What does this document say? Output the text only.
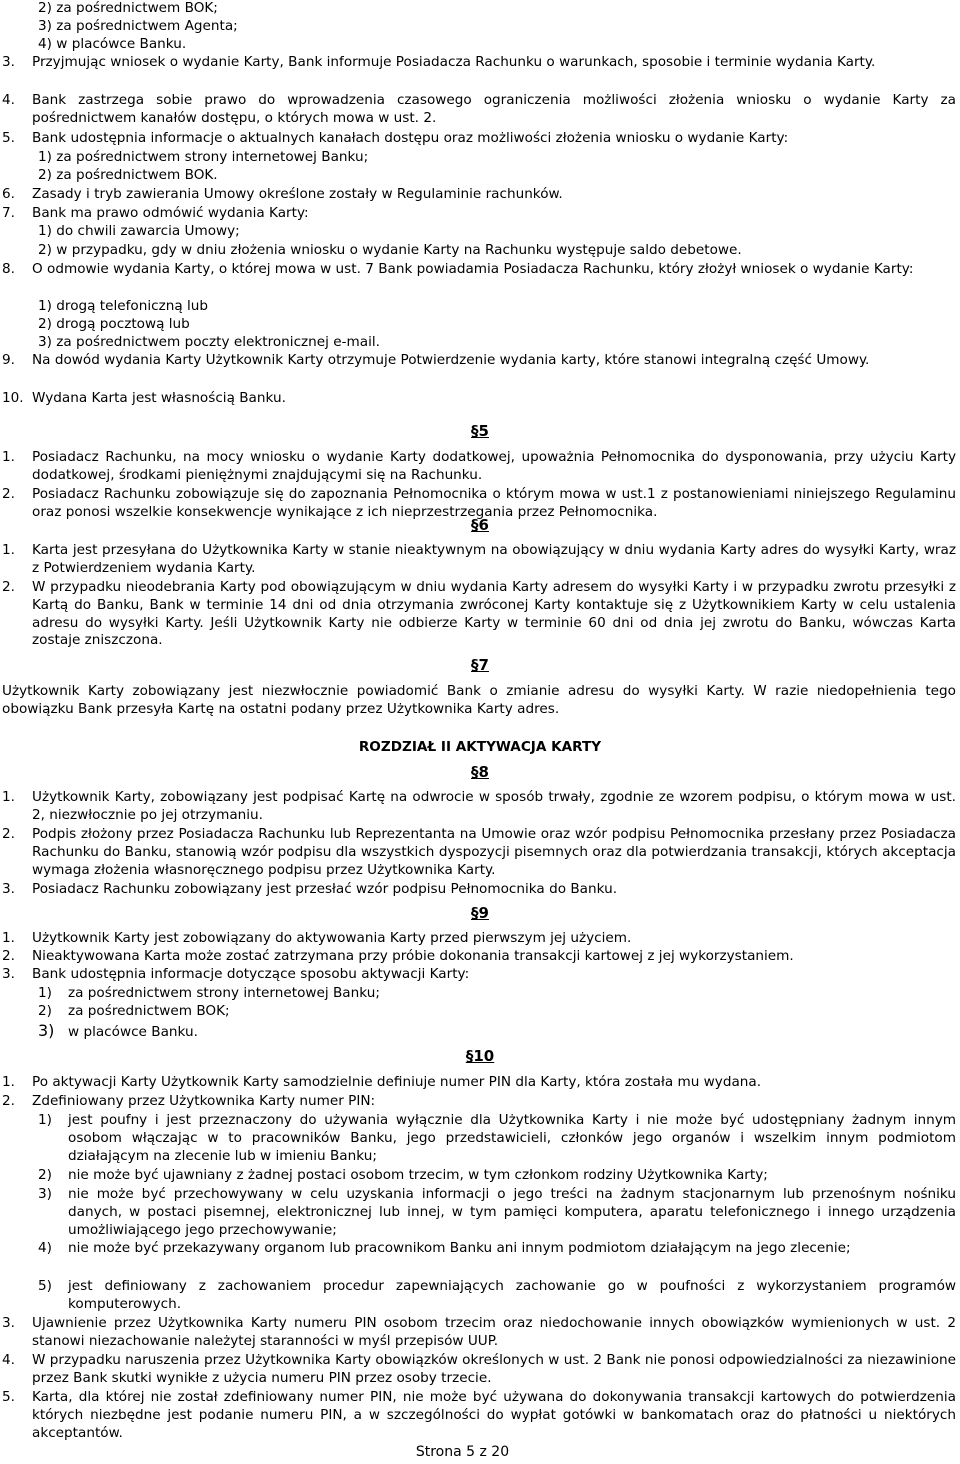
2) za pośrednictwem BOK;
3) za pośrednictwem Agenta;
4) w placówce Banku.
3.	Przyjmując wniosek o wydanie Karty, Bank informuje Posiadacza Rachunku o warunkach, sposobie i terminie wydania Karty.
4.	Bank zastrzega sobie prawo do wprowadzenia czasowego ograniczenia możliwości złożenia wniosku o wydanie Karty za pośrednictwem kanałów dostępu, o których mowa w ust. 2.
5.	Bank udostępnia informacje o aktualnych kanałach dostępu oraz możliwości złożenia wniosku o wydanie Karty:
1) za pośrednictwem strony internetowej Banku;
2) za pośrednictwem BOK.
6.	Zasady i tryb zawierania Umowy określone zostały w Regulaminie rachunków.
7.	Bank ma prawo odmówić wydania Karty:
1) do chwili zawarcia Umowy;
2) w przypadku, gdy w dniu złożenia wniosku o wydanie Karty na Rachunku występuje saldo debetowe.
8.	O odmowie wydania Karty, o której mowa w ust. 7 Bank powiadamia Posiadacza Rachunku, który złożył wniosek o wydanie Karty:
1) drogą telefoniczną lub
2) drogą pocztową lub
3) za pośrednictwem poczty elektronicznej e-mail.
9.	Na dowód wydania Karty Użytkownik Karty otrzymuje Potwierdzenie wydania karty, które stanowi integralną część Umowy.
10. Wydana Karta jest własnością Banku.
§5
1.	Posiadacz Rachunku, na mocy wniosku o wydanie Karty dodatkowej, upoważnia Pełnomocnika do dysponowania, przy użyciu Karty dodatkowej, środkami pieniężnymi znajdującymi się na Rachunku.
2.	Posiadacz Rachunku zobowiązuje się do zapoznania Pełnomocnika o którym mowa w ust.1 z postanowieniami niniejszego Regulaminu oraz ponosi wszelkie konsekwencje wynikające z ich nieprzestrzegania przez Pełnomocnika.
§6
1.	Karta jest przesyłana do Użytkownika Karty w stanie nieaktywnym na obowiązujący w dniu wydania Karty adres do wysyłki Karty, wraz z Potwierdzeniem wydania Karty.
2.	W przypadku nieodebrania Karty pod obowiązującym w dniu wydania Karty adresem do wysyłki Karty i w przypadku zwrotu przesyłki z Kartą do Banku, Bank w terminie 14 dni od dnia otrzymania zwróconej Karty kontaktuje się z Użytkownikiem Karty w celu ustalenia adresu do wysyłki Karty. Jeśli Użytkownik Karty nie odbierze Karty w terminie 60 dni od dnia jej zwrotu do Banku, wówczas Karta zostaje zniszczona.
§7
Użytkownik Karty zobowiązany jest niezwłocznie powiadomić Bank o zmianie adresu do wysyłki Karty. W razie niedopełnienia tego obowiązku Bank przesyła Kartę na ostatni podany przez Użytkownika Karty adres.
ROZDZIAŁ II AKTYWACJA KARTY
§8
1.	Użytkownik Karty, zobowiązany jest podpisać Kartę na odwrocie w sposób trwały, zgodnie ze wzorem podpisu, o którym mowa w ust. 2, niezwłocznie po jej otrzymaniu.
2.	Podpis złożony przez Posiadacza Rachunku lub Reprezentanta na Umowie oraz wzór podpisu Pełnomocnika przesłany przez Posiadacza Rachunku do Banku, stanowią wzór podpisu dla wszystkich dyspozycji pisemnych oraz dla potwierdzania transakcji, których akceptacja wymaga złożenia własnoręcznego podpisu przez Użytkownika Karty.
3.	Posiadacz Rachunku zobowiązany jest przesłać wzór podpisu Pełnomocnika do Banku.
§9
1.	Użytkownik Karty jest zobowiązany do aktywowania Karty przed pierwszym jej użyciem.
2.	Nieaktywowana Karta może zostać zatrzymana przy próbie dokonania transakcji kartowej z jej wykorzystaniem.
3.	Bank udostępnia informacje dotyczące sposobu aktywacji Karty:
1)	za pośrednictwem strony internetowej Banku;
2)	za pośrednictwem BOK;
3) w placówce Banku.
§10
1.	Po aktywacji Karty Użytkownik Karty samodzielnie definiuje numer PIN dla Karty, która została mu wydana.
2.	Zdefiniowany przez Użytkownika Karty numer PIN:
1)	jest poufny i jest przeznaczony do używania wyłącznie dla Użytkownika Karty i nie może być udostępniany żadnym innym osobom włączając w to pracowników Banku, jego przedstawicieli, członków jego organów i wszelkim innym podmiotom działającym na zlecenie lub w imieniu Banku;
2)	nie może być ujawniany z żadnej postaci osobom trzecim, w tym członkom rodziny Użytkownika Karty;
3)	nie może być przechowywany w celu uzyskania informacji o jego treści na żadnym stacjonarnym lub przenośnym nośniku danych, w postaci pisemnej, elektronicznej lub innej, w tym pamięci komputera, aparatu telefonicznego i innego urządzenia umożliwiającego jego przechowywanie;
4)	nie może być przekazywany organom lub pracownikom Banku ani innym podmiotom działającym na jego zlecenie;
5)	jest definiowany z zachowaniem procedur zapewniających zachowanie go w poufności z wykorzystaniem programów komputerowych.
3.	Ujawnienie przez Użytkownika Karty numeru PIN osobom trzecim oraz niedochowanie innych obowiązków wymienionych w ust. 2 stanowi niezachowanie należytej staranności w myśl przepisów UUP.
4.	W przypadku naruszenia przez Użytkownika Karty obowiązków określonych w ust. 2 Bank nie ponosi odpowiedzialności za niezawinione przez Bank skutki wynikłe z użycia numeru PIN przez osoby trzecie.
5.	Karta, dla której nie został zdefiniowany numer PIN, nie może być używana do dokonywania transakcji kartowych do potwierdzenia których niezbędne jest podanie numeru PIN, a w szczególności do wypłat gotówki w bankomatach oraz do płatności u niektórych akceptantów.
Strona 5 z 20
